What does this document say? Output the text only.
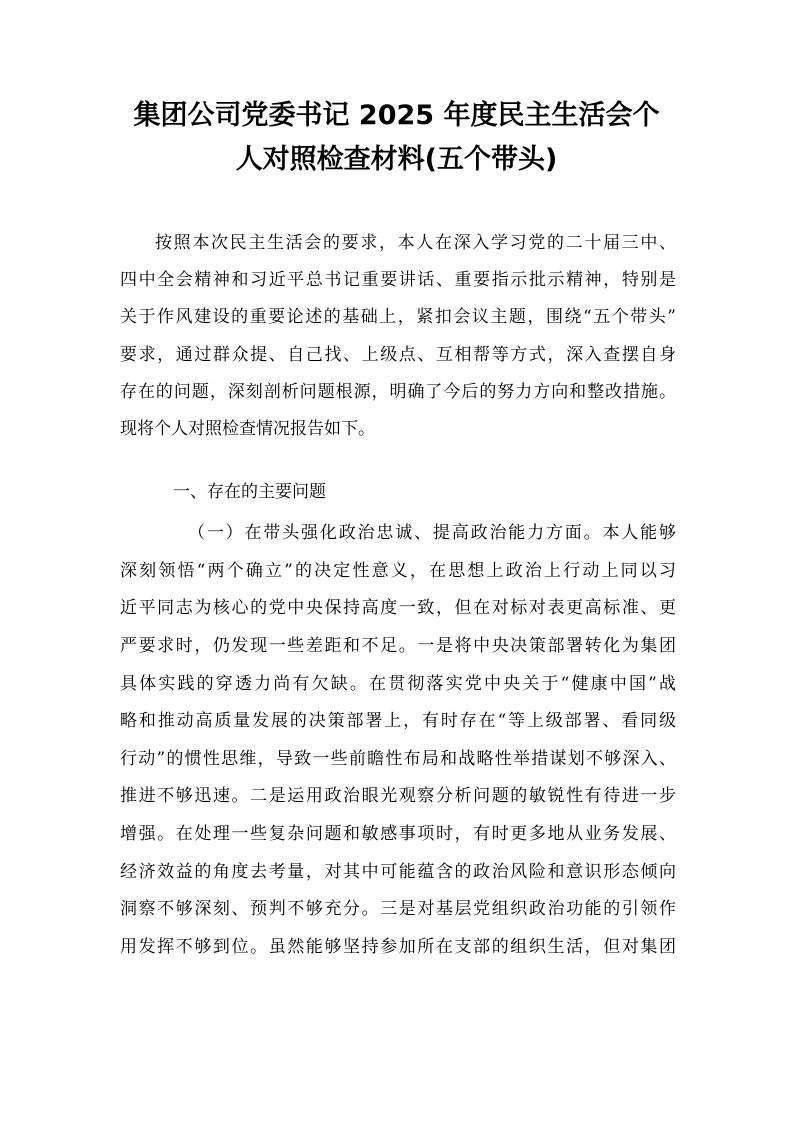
集团公司党委书记 2025 年度民主生活会个
人对照检查材料(五个带头)

按照本次民主生活会的要求，本人在深入学习党的二十届三中、

四中全会精神和习近平总书记重要讲话、重要指示批示精神，特别是

关于作风建设的重要论述的基础上，紧扣会议主题，围绕“五个带头”

要求，通过群众提、自己找、上级点、互相帮等方式，深入查摆自身

存在的问题，深刻剖析问题根源，明确了今后的努力方向和整改措施。

现将个人对照检查情况报告如下。

一、存在的主要问题

（一）在带头强化政治忠诚、提高政治能力方面。本人能够

深刻领悟“两个确立”的决定性意义，在思想上政治上行动上同以习

近平同志为核心的党中央保持高度一致，但在对标对表更高标准、更

严要求时，仍发现一些差距和不足。一是将中央决策部署转化为集团

具体实践的穿透力尚有欠缺。在贯彻落实党中央关于“健康中国”战

略和推动高质量发展的决策部署上，有时存在“等上级部署、看同级

行动”的惯性思维，导致一些前瞻性布局和战略性举措谋划不够深入、

推进不够迅速。二是运用政治眼光观察分析问题的敏锐性有待进一步

增强。在处理一些复杂问题和敏感事项时，有时更多地从业务发展、

经济效益的角度去考量，对其中可能蕴含的政治风险和意识形态倾向

洞察不够深刻、预判不够充分。三是对基层党组织政治功能的引领作

用发挥不够到位。虽然能够坚持参加所在支部的组织生活，但对集团
